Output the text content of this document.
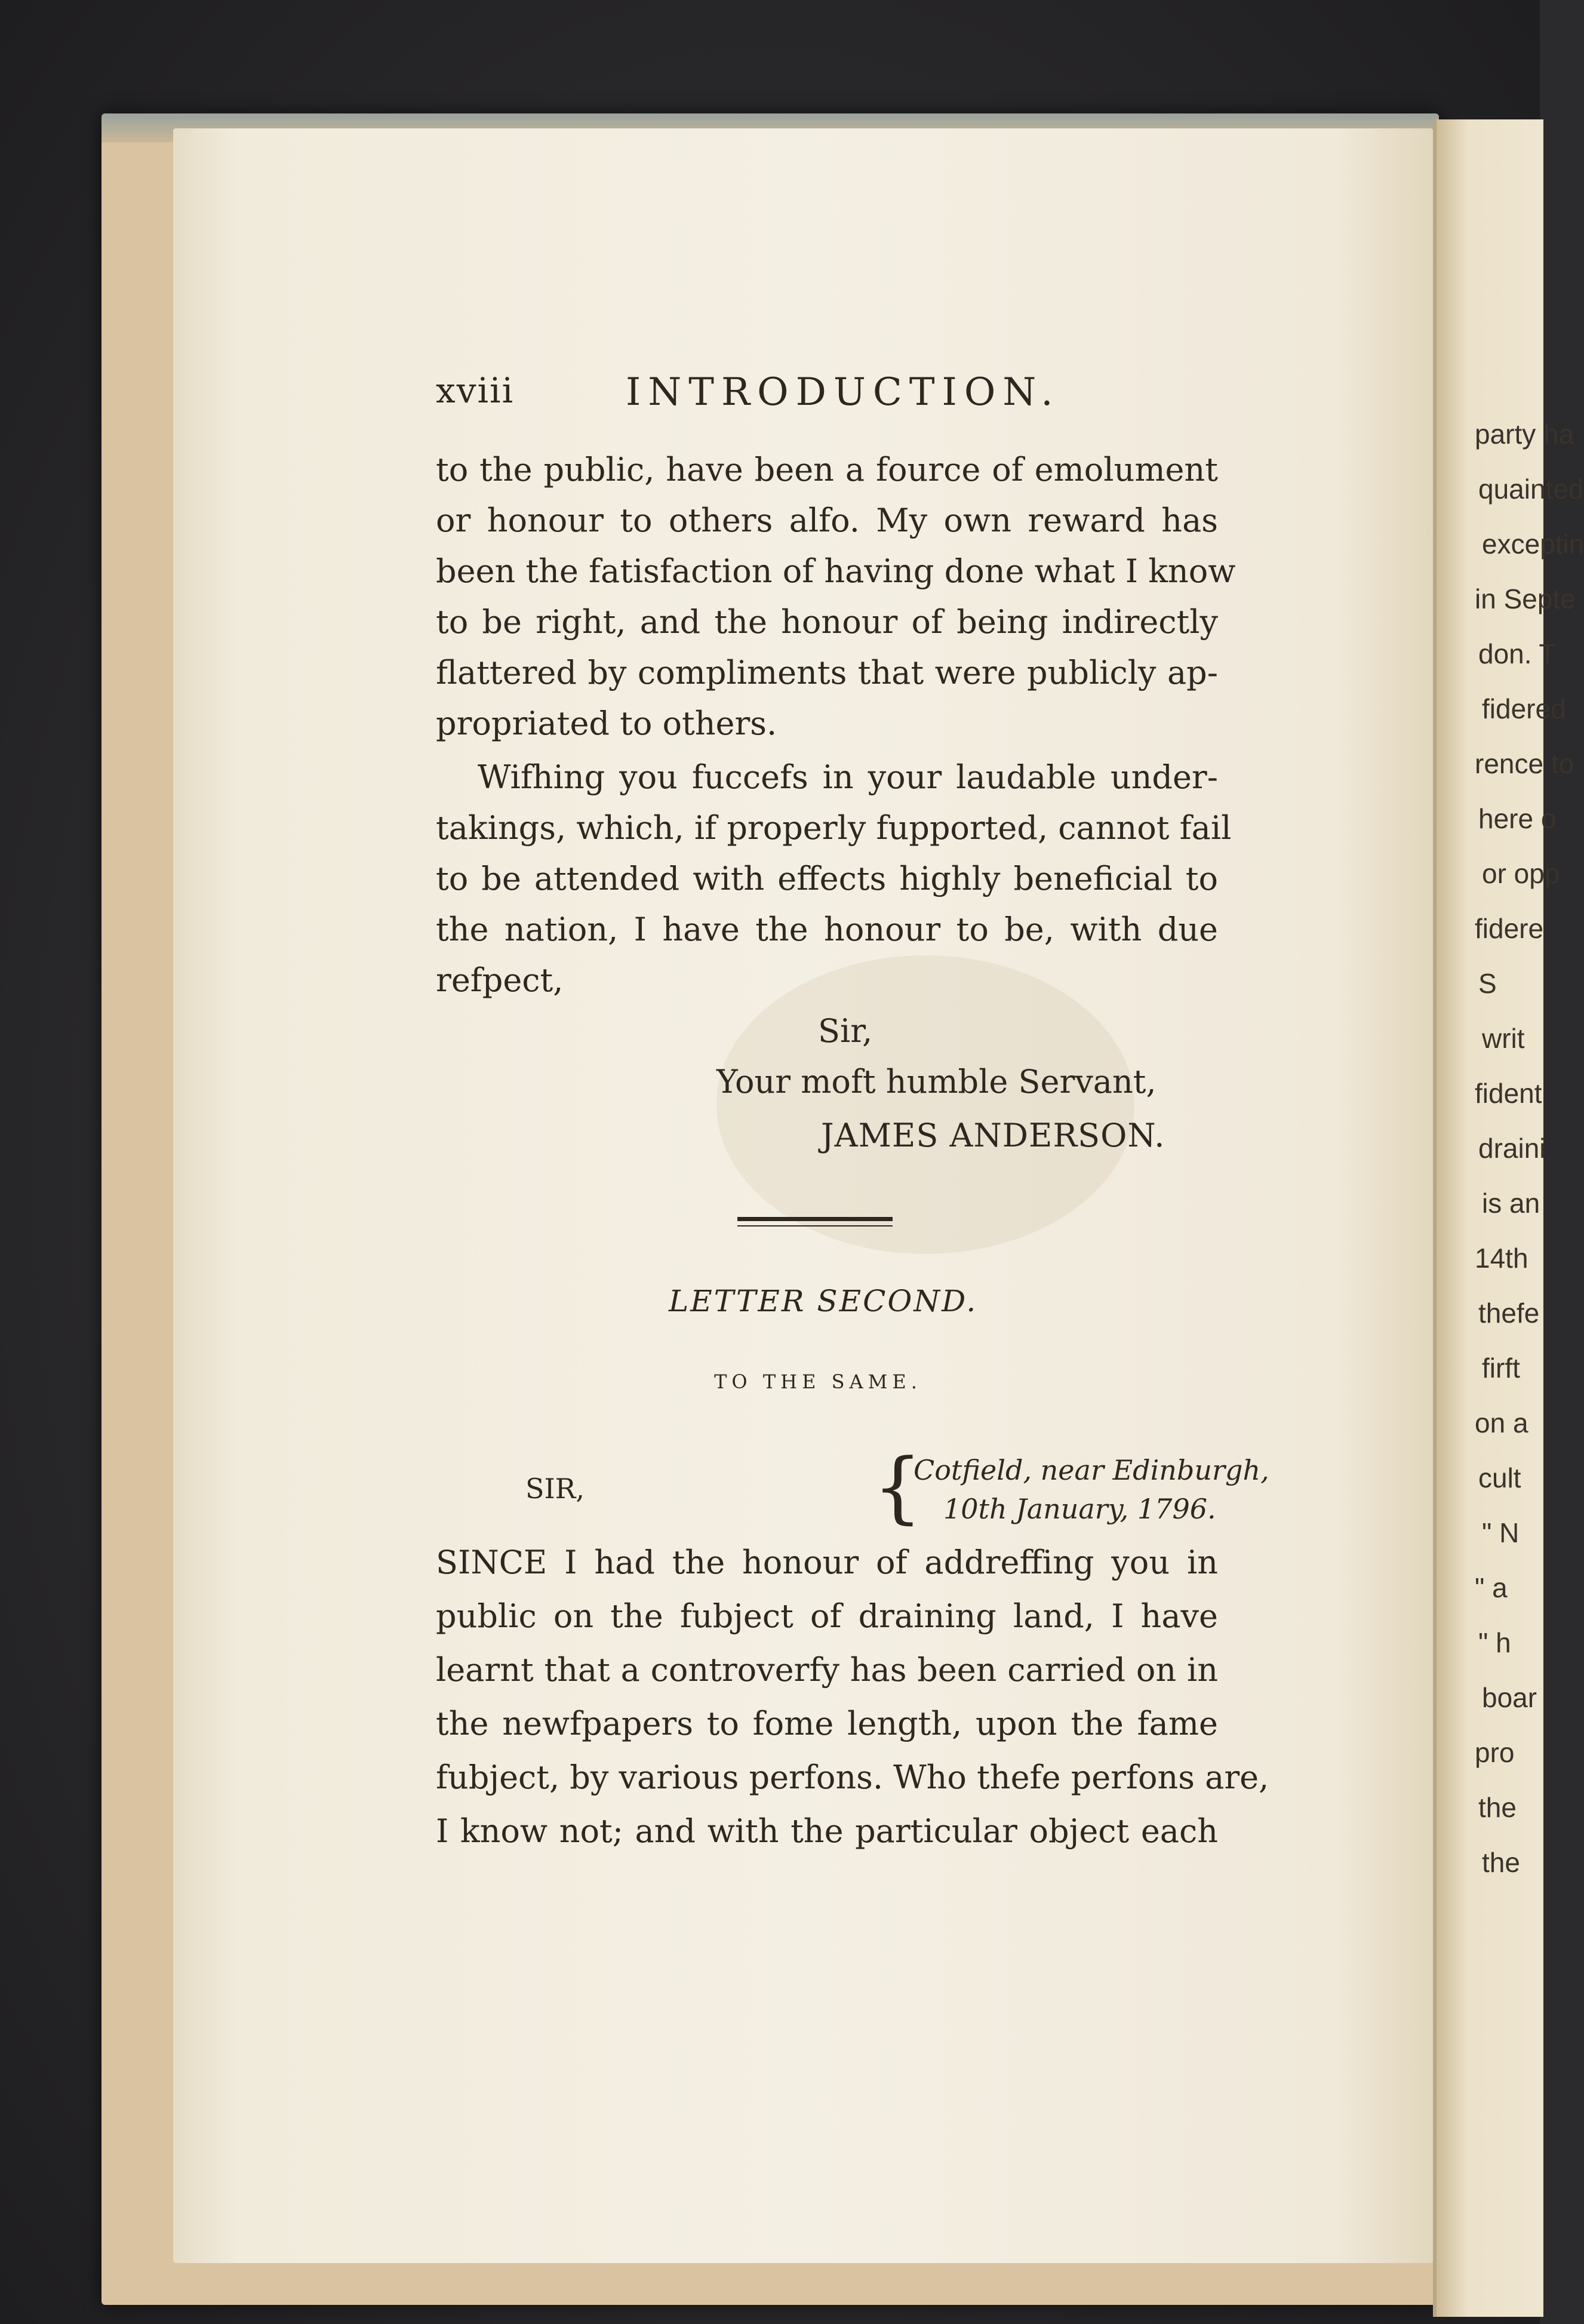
party ha
quainted
exceptin
in Septe
don. T
fidered
rence to
here o
or opp
fidere
S
writ
fident
draini
is an
14th
thefe
firft
on a
cult
" N
" a
" h
boar
pro
the
the
xviii	INTRODUCTION.
to the public, have been a fource of emolument
or honour to others alfo. My own reward has
been the fatisfaction of having done what I know
to be right, and the honour of being indirectly
flattered by compliments that were publicly ap-
propriated to others.
Wifhing you fuccefs in your laudable under-
takings, which, if properly fupported, cannot fail
to be attended with effects highly beneficial to
the nation, I have the honour to be, with due
refpect,
Sir,
Your moft humble Servant,
JAMES ANDERSON.
LETTER SECOND.
TO THE SAME.
SIR,	{
Cotfield, near Edinburgh,
10th January, 1796.
SINCE I had the honour of addreffing you in
public on the fubject of draining land, I have
learnt that a controverfy has been carried on in
the newfpapers to fome length, upon the fame
fubject, by various perfons. Who thefe perfons are,
I know not; and with the particular object each
